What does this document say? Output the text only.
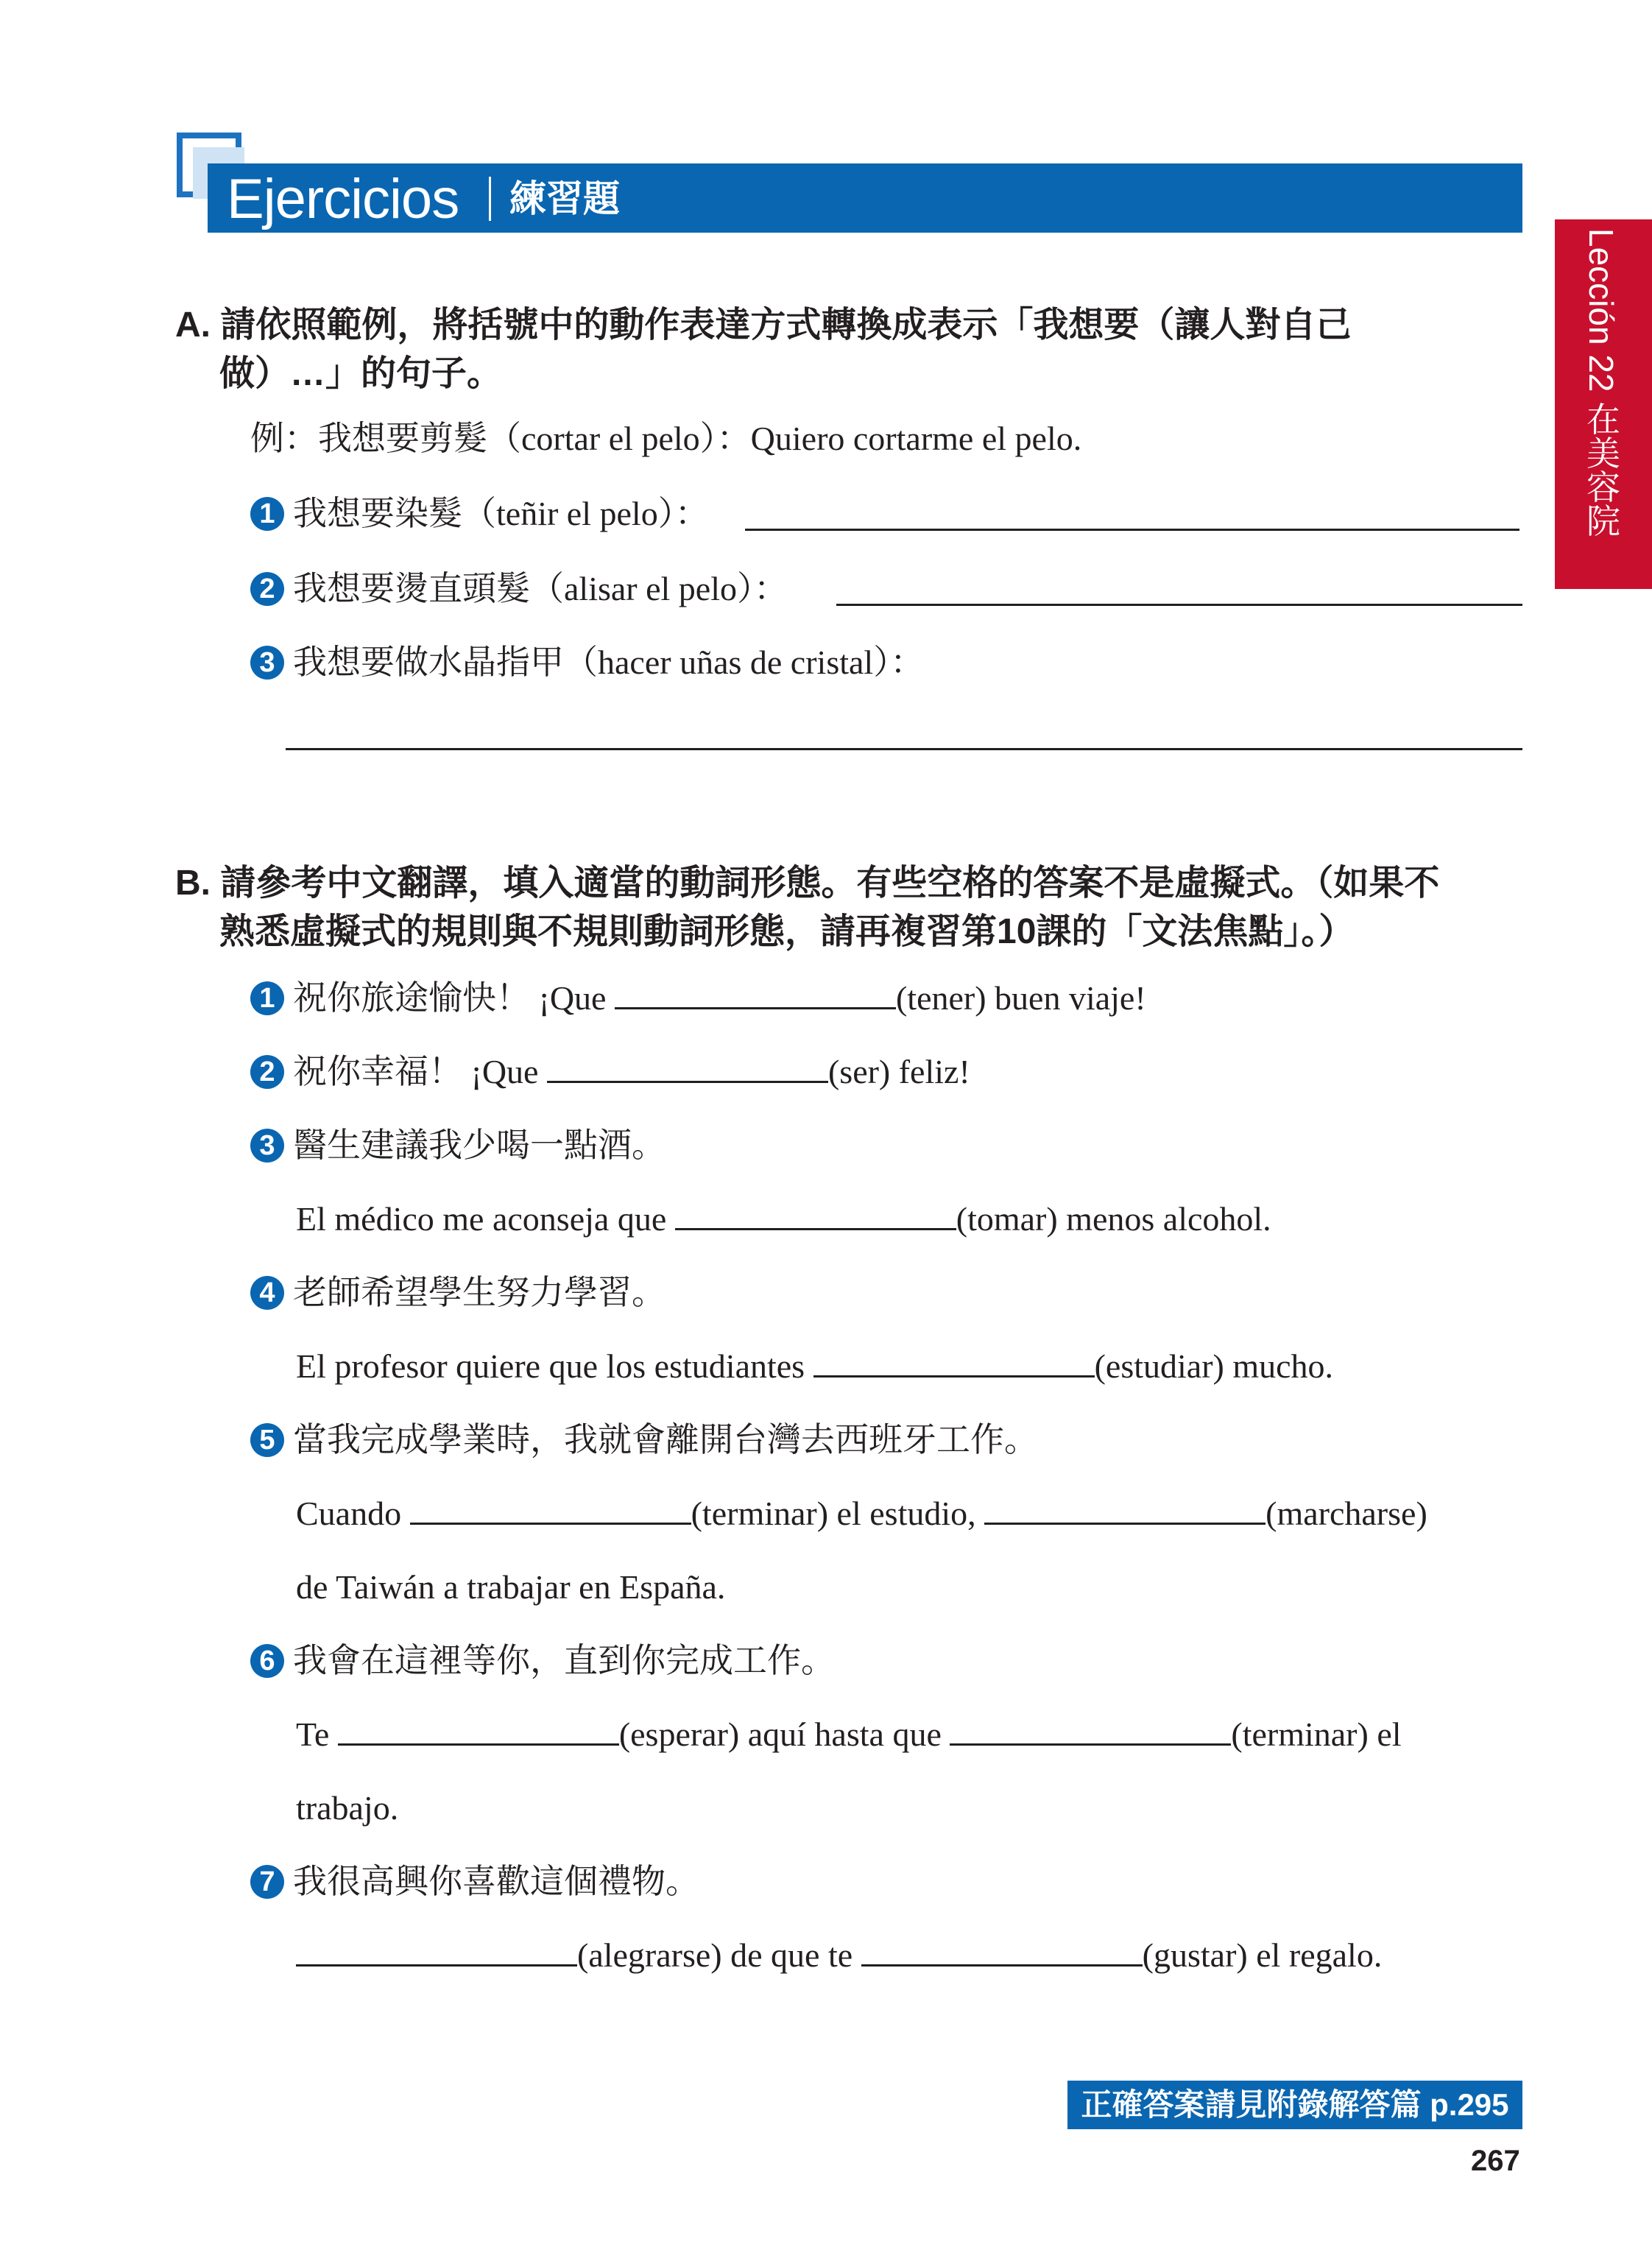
Ejercicios 練習題
Lección 22 在美容院
A. 請依照範例，將括號中的動作表達方式轉換成表示「我想要（讓人對自己
做）…」的句子。
例：我想要剪髮（cortar el pelo）：Quiero cortarme el pelo.
1 我想要染髮（teñir el pelo）：
2 我想要燙直頭髮（alisar el pelo）：
3 我想要做水晶指甲（hacer uñas de cristal）：
B. 請參考中文翻譯，填入適當的動詞形態。有些空格的答案不是虛擬式。（如果不
熟悉虛擬式的規則與不規則動詞形態，請再複習第10課的「文法焦點」。）
1 祝你旅途愉快！ ¡Que	(tener) buen viaje!
2 祝你幸福！ ¡Que	(ser) feliz!
3 醫生建議我少喝一點酒。
El médico me aconseja que	(tomar) menos alcohol.
4 老師希望學生努力學習。
El profesor quiere que los estudiantes	(estudiar) mucho.
5 當我完成學業時，我就會離開台灣去西班牙工作。
Cuando	(terminar) el estudio,	(marcharse)
de Taiwán a trabajar en España.
6 我會在這裡等你，直到你完成工作。
Te	(esperar) aquí hasta que	(terminar) el
trabajo.
7 我很高興你喜歡這個禮物。
(alegrarse) de que te	(gustar) el regalo.
正確答案請見附錄解答篇 p.295
267
